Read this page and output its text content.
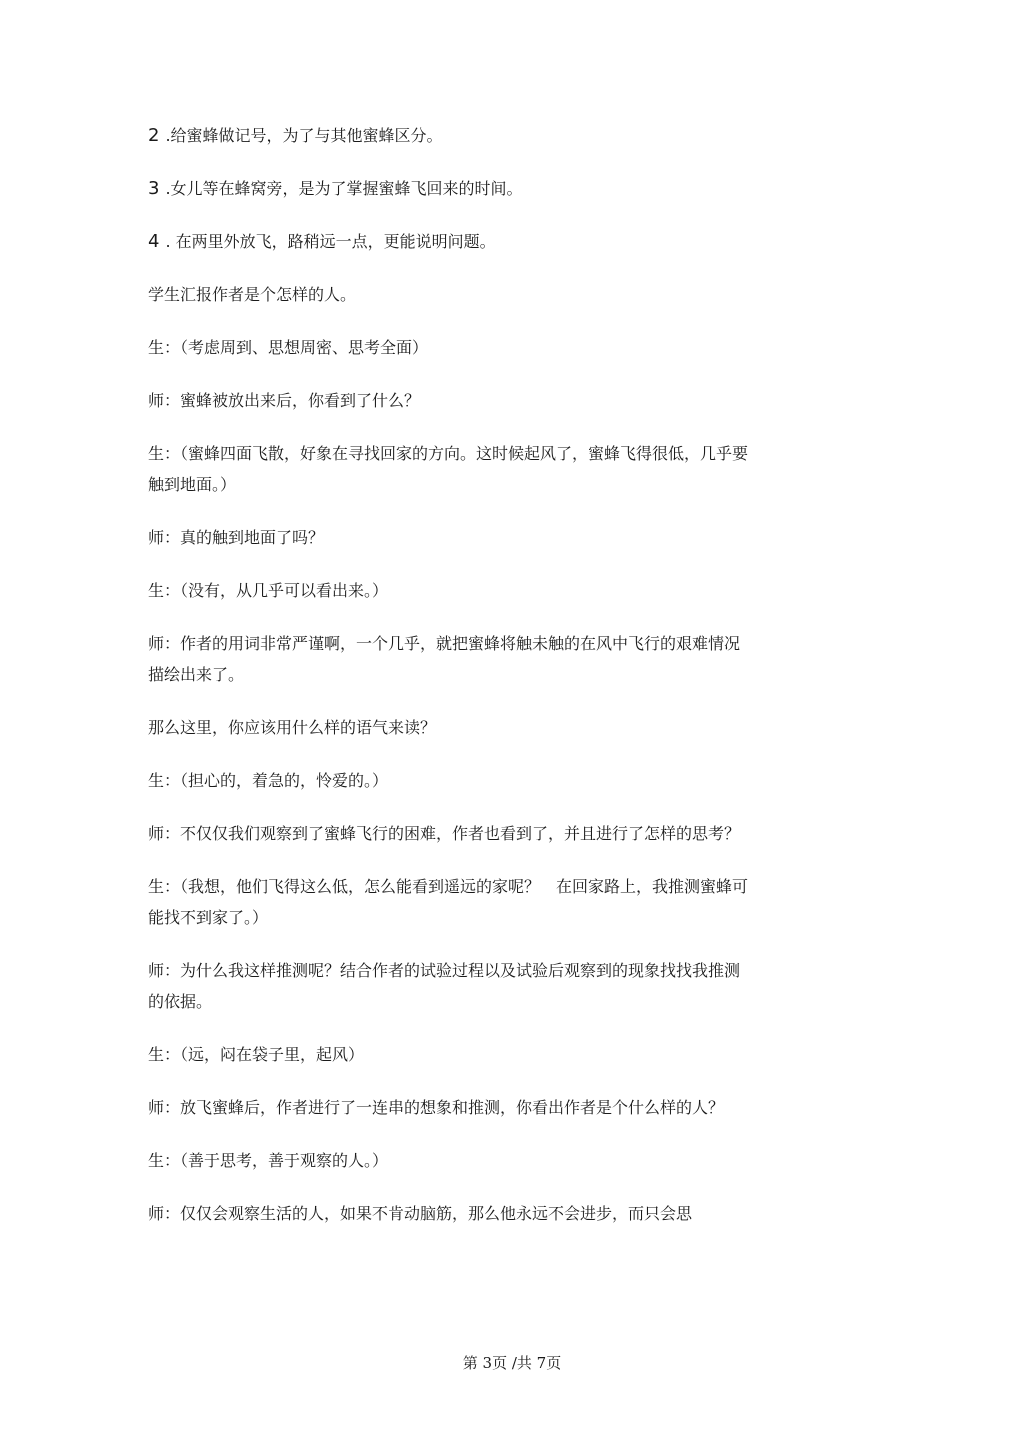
2 .给蜜蜂做记号，为了与其他蜜蜂区分。

3 .女儿等在蜂窝旁，是为了掌握蜜蜂飞回来的时间。

4 . 在两里外放飞，路稍远一点，更能说明问题。

学生汇报作者是个怎样的人。

生：（考虑周到、思想周密、思考全面）

师：蜜蜂被放出来后，你看到了什么？

生：（蜜蜂四面飞散，好象在寻找回家的方向。这时候起风了，蜜蜂飞得很低，几乎要触到地面。）

师：真的触到地面了吗？

生：（没有，从几乎可以看出来。）

师：作者的用词非常严谨啊，一个几乎，就把蜜蜂将触未触的在风中飞行的艰难情况描绘出来了。

那么这里，你应该用什么样的语气来读？

生：（担心的，着急的，怜爱的。）

师：不仅仅我们观察到了蜜蜂飞行的困难，作者也看到了，并且进行了怎样的思考？

生：（我想，他们飞得这么低，怎么能看到遥远的家呢？　在回家路上，我推测蜜蜂可能找不到家了。）

师：为什么我这样推测呢？结合作者的试验过程以及试验后观察到的现象找找我推测的依据。

生：（远，闷在袋子里，起风）

师：放飞蜜蜂后，作者进行了一连串的想象和推测，你看出作者是个什么样的人？

生：（善于思考，善于观察的人。）

师：仅仅会观察生活的人，如果不肯动脑筋，那么他永远不会进步，而只会思

第 3页 /共 7页
